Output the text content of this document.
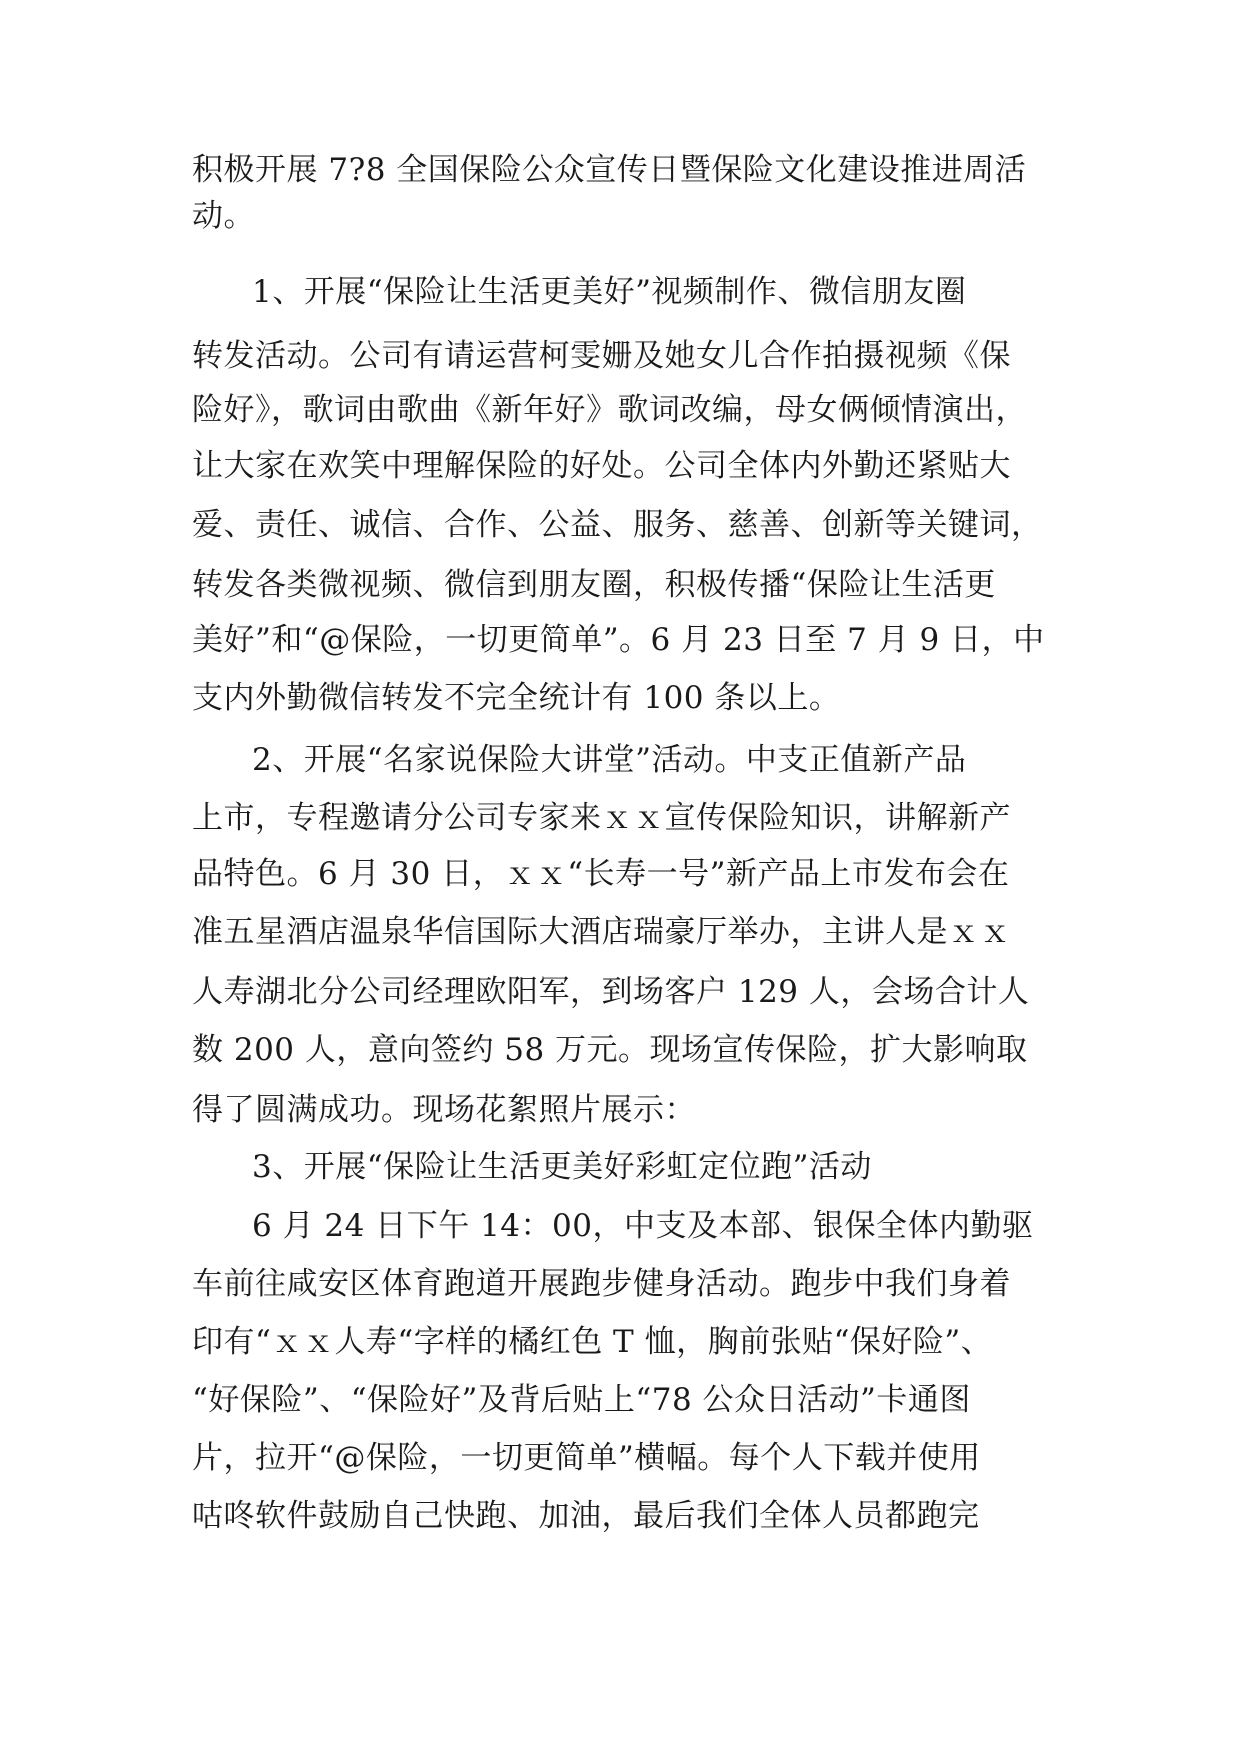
积极开展 7?8 全国保险公众宣传日暨保险文化建设推进周活
动。
1、开展“保险让生活更美好”视频制作、微信朋友圈
转发活动。公司有请运营柯雯姗及她女儿合作拍摄视频《保
险好》，歌词由歌曲《新年好》歌词改编，母女俩倾情演出，
让大家在欢笑中理解保险的好处。公司全体内外勤还紧贴大
爱、责任、诚信、合作、公益、服务、慈善、创新等关键词，
转发各类微视频、微信到朋友圈，积极传播“保险让生活更
美好”和“@保险，一切更简单”。6 月 23 日至 7 月 9 日，中
支内外勤微信转发不完全统计有 100 条以上。
2、开展“名家说保险大讲堂”活动。中支正值新产品
上市，专程邀请分公司专家来ｘｘ宣传保险知识，讲解新产
品特色。6 月 30 日，ｘｘ“长寿一号”新产品上市发布会在
准五星酒店温泉华信国际大酒店瑞豪厅举办，主讲人是ｘｘ
人寿湖北分公司经理欧阳军，到场客户 129 人，会场合计人
数 200 人，意向签约 58 万元。现场宣传保险，扩大影响取
得了圆满成功。现场花絮照片展示：
3、开展“保险让生活更美好彩虹定位跑”活动
6 月 24 日下午 14：00，中支及本部、银保全体内勤驱
车前往咸安区体育跑道开展跑步健身活动。跑步中我们身着
印有“ｘｘ人寿“字样的橘红色 T 恤，胸前张贴“保好险”、
“好保险”、“保险好”及背后贴上“78 公众日活动”卡通图
片，拉开“@保险，一切更简单”横幅。每个人下载并使用
咕咚软件鼓励自己快跑、加油，最后我们全体人员都跑完
